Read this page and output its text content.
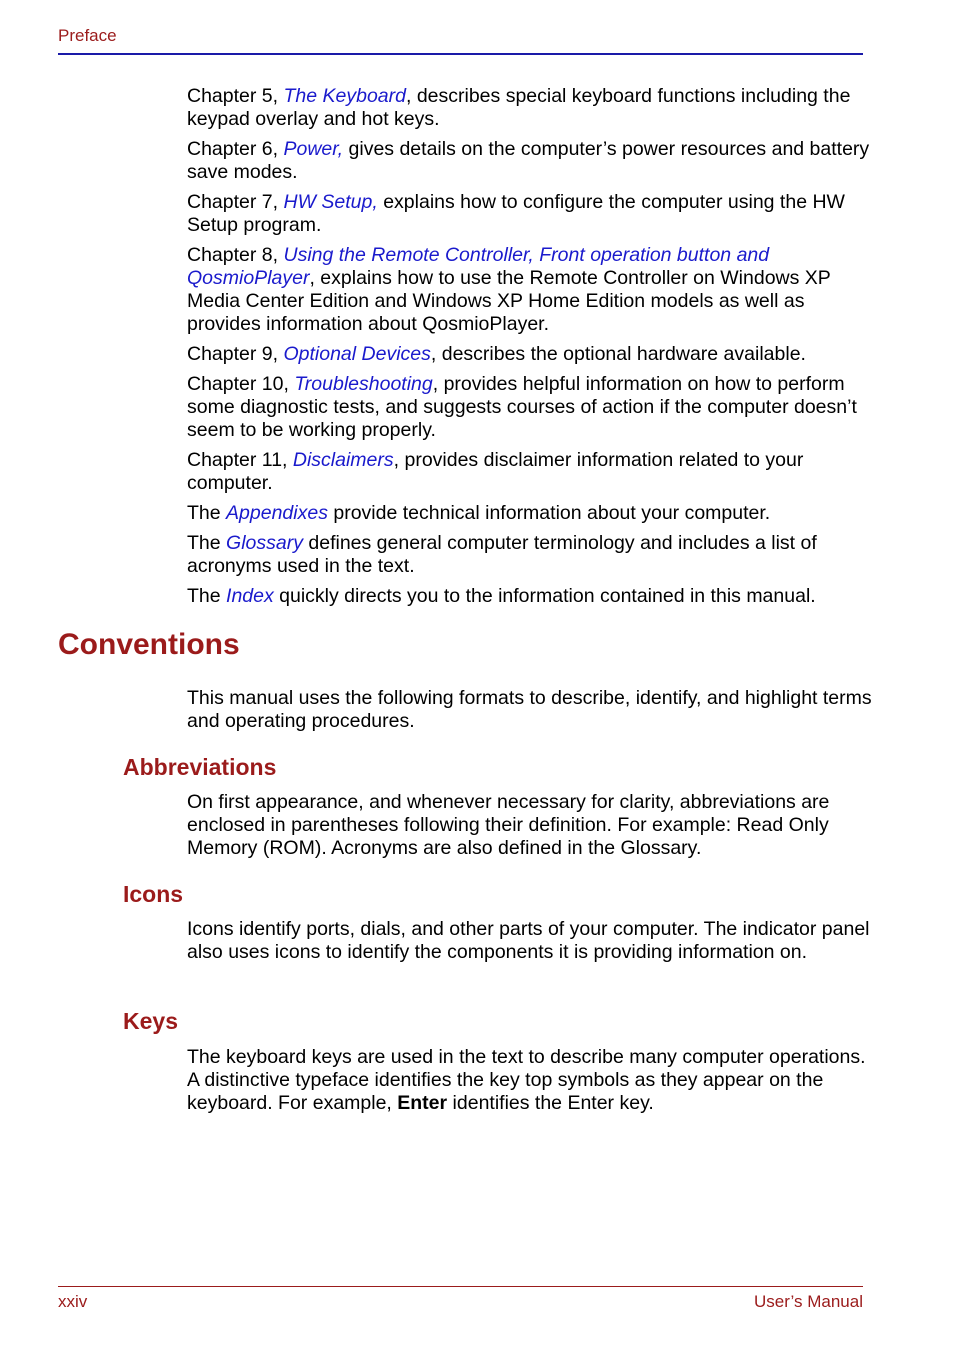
Preface

Chapter 5, The Keyboard, describes special keyboard functions including the keypad overlay and hot keys.

Chapter 6, Power, gives details on the computer’s power resources and battery save modes.

Chapter 7, HW Setup, explains how to configure the computer using the HW Setup program.

Chapter 8, Using the Remote Controller, Front operation button and QosmioPlayer, explains how to use the Remote Controller on Windows XP Media Center Edition and Windows XP Home Edition models as well as provides information about QosmioPlayer.

Chapter 9, Optional Devices, describes the optional hardware available.

Chapter 10, Troubleshooting, provides helpful information on how to perform some diagnostic tests, and suggests courses of action if the computer doesn’t seem to be working properly.

Chapter 11, Disclaimers, provides disclaimer information related to your computer.

The Appendixes provide technical information about your computer.

The Glossary defines general computer terminology and includes a list of acronyms used in the text.

The Index quickly directs you to the information contained in this manual.

Conventions

This manual uses the following formats to describe, identify, and highlight terms and operating procedures.

Abbreviations

On first appearance, and whenever necessary for clarity, abbreviations are enclosed in parentheses following their definition. For example: Read Only Memory (ROM). Acronyms are also defined in the Glossary.

Icons

Icons identify ports, dials, and other parts of your computer. The indicator panel also uses icons to identify the components it is providing information on.

Keys

The keyboard keys are used in the text to describe many computer operations. A distinctive typeface identifies the key top symbols as they appear on the keyboard. For example, Enter identifies the Enter key.

xxiv	User’s Manual
